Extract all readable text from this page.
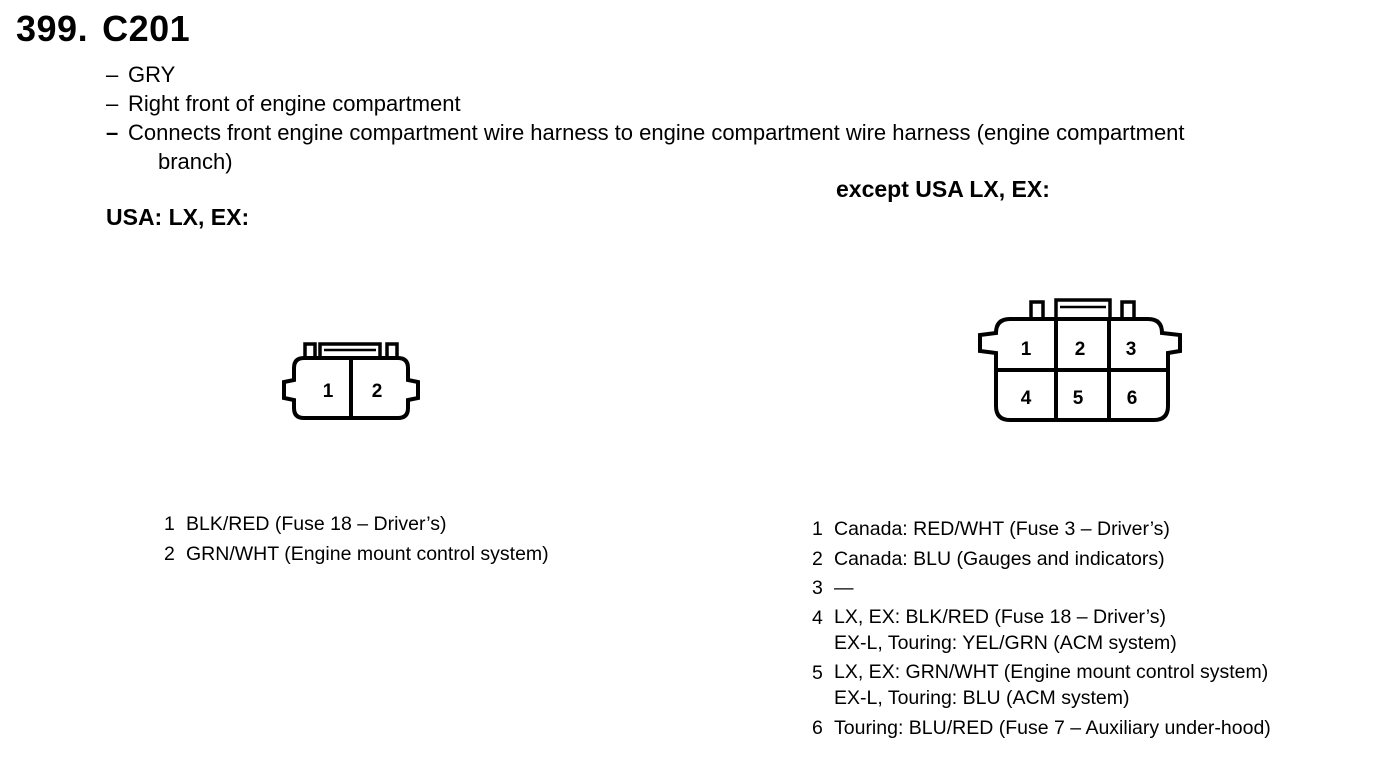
399. C201
– GRY
– Right front of engine compartment
– Connects front engine compartment wire harness to engine compartment wire harness (engine compartment
branch)
USA: LX, EX:
except USA LX, EX:
1 2
1 2 3
4 5 6
1 BLK/RED (Fuse 18 – Driver’s)
2 GRN/WHT (Engine mount control system)
1 Canada: RED/WHT (Fuse 3 – Driver’s)
2 Canada: BLU (Gauges and indicators)
3 —
4 LX, EX: BLK/RED (Fuse 18 – Driver’s)
EX-L, Touring: YEL/GRN (ACM system)
5 LX, EX: GRN/WHT (Engine mount control system)
EX-L, Touring: BLU (ACM system)
6 Touring: BLU/RED (Fuse 7 – Auxiliary under-hood)
